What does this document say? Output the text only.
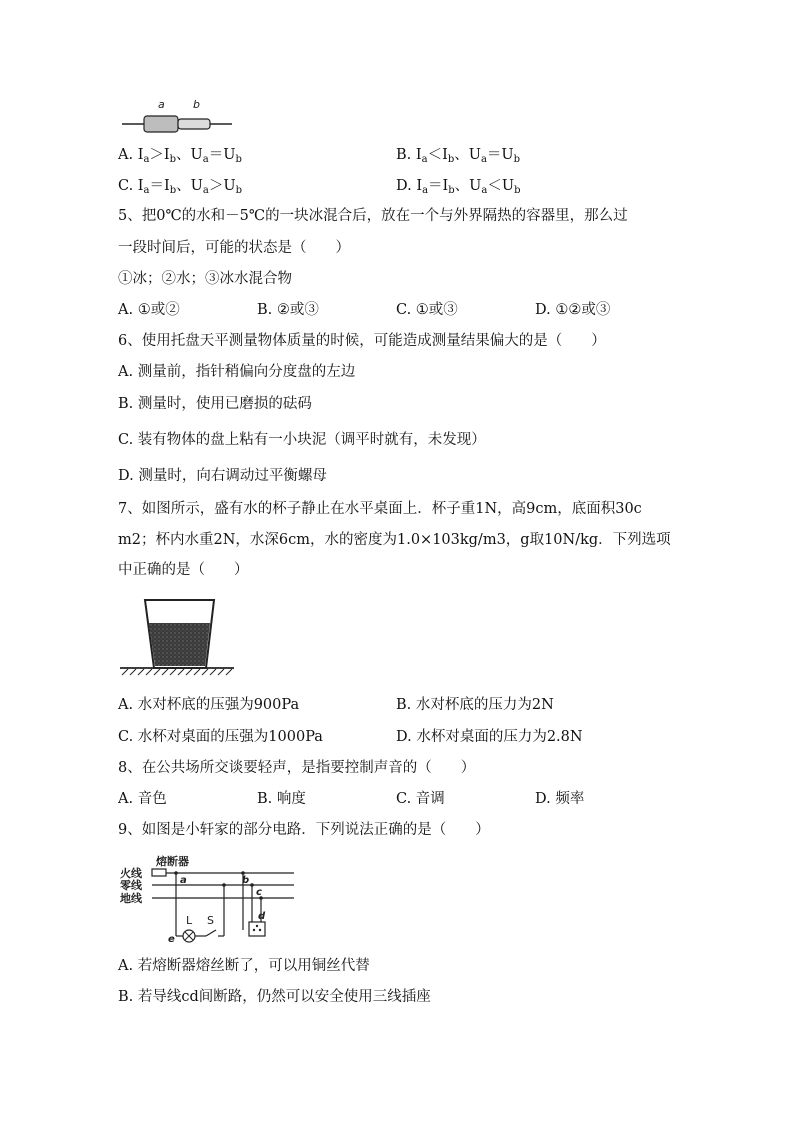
a	b
A. $I_a>I_b$、$U_a=U_b$	B. $I_a<I_b$、$U_a=U_b$
C. $I_a=I_b$、$U_a>U_b$	D. $I_a=I_b$、$U_a<U_b$
5、把0℃的水和－5℃的一块冰混合后，放在一个与外界隔热的容器里，那么过
一段时间后，可能的状态是（　　）
①冰；②水；③冰水混合物
A. ①或②	B. ②或③	C. ①或③	D. ①②或③
6、使用托盘天平测量物体质量的时候，可能造成测量结果偏大的是（　　）
A. 测量前，指针稍偏向分度盘的左边
B. 测量时，使用已磨损的砝码
C. 装有物体的盘上粘有一小块泥（调平时就有，未发现）
D. 测量时，向右调动过平衡螺母
7、如图所示，盛有水的杯子静止在水平桌面上．杯子重1N，高9cm，底面积30c
m2；杯内水重2N，水深6cm，水的密度为1.0×103kg/m3，g取10N/kg．下列选项
中正确的是（　　）
A. 水对杯底的压强为900Pa	B. 水对杯底的压力为2N
C. 水杯对桌面的压强为1000Pa	D. 水杯对桌面的压力为2.8N
8、在公共场所交谈要轻声，是指要控制声音的（　　）
A. 音色	B. 响度	C. 音调	D. 频率
9、如图是小轩家的部分电路．下列说法正确的是（　　）
熔断器
火线
零线
地线
a
e
L S
b
c
d
A. 若熔断器熔丝断了，可以用铜丝代替
B. 若导线cd间断路，仍然可以安全使用三线插座
